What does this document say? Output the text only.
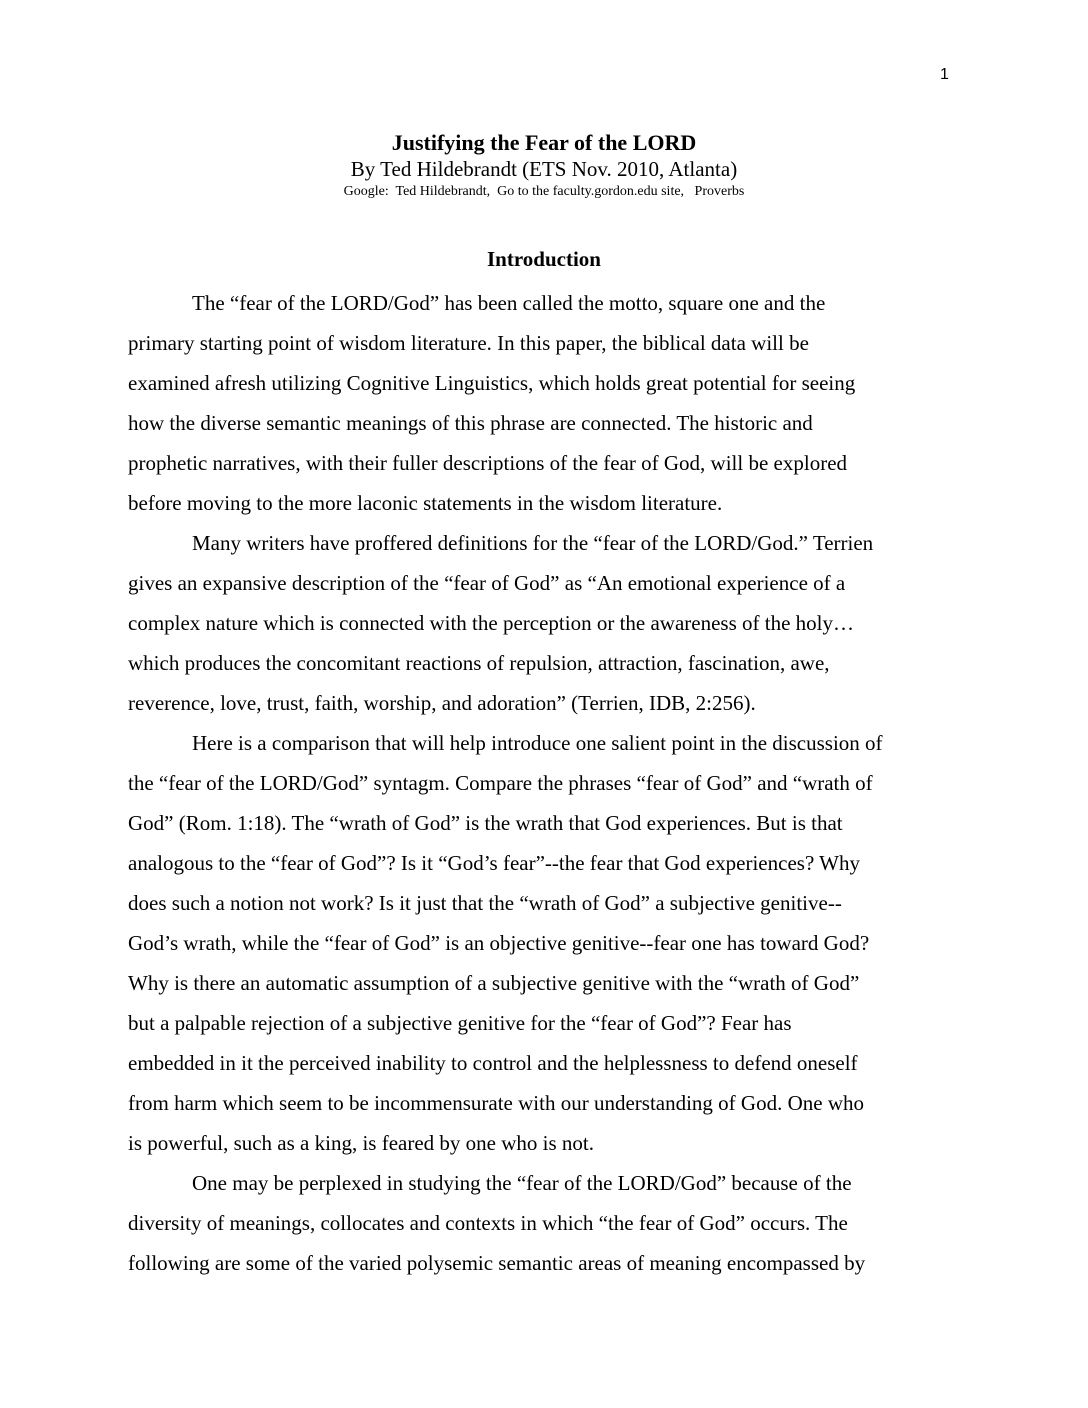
1
Justifying the Fear of the LORD
By Ted Hildebrandt (ETS Nov. 2010, Atlanta)
Google:  Ted Hildebrandt,  Go to the faculty.gordon.edu site,   Proverbs
Introduction
The “fear of the LORD/God” has been called the motto, square one and the
primary starting point of wisdom literature. In this paper, the biblical data will be
examined afresh utilizing Cognitive Linguistics, which holds great potential for seeing
how the diverse semantic meanings of this phrase are connected. The historic and
prophetic narratives, with their fuller descriptions of the fear of God, will be explored
before moving to the more laconic statements in the wisdom literature.
Many writers have proffered definitions for the “fear of the LORD/God.” Terrien
gives an expansive description of the “fear of God” as “An emotional experience of a
complex nature which is connected with the perception or the awareness of the holy…
which produces the concomitant reactions of repulsion, attraction, fascination, awe,
reverence, love, trust, faith, worship, and adoration” (Terrien, IDB, 2:256).
Here is a comparison that will help introduce one salient point in the discussion of
the “fear of the LORD/God” syntagm. Compare the phrases “fear of God” and “wrath of
God” (Rom. 1:18). The “wrath of God” is the wrath that God experiences. But is that
analogous to the “fear of God”? Is it “God’s fear”--the fear that God experiences? Why
does such a notion not work? Is it just that the “wrath of God” a subjective genitive--
God’s wrath, while the “fear of God” is an objective genitive--fear one has toward God?
Why is there an automatic assumption of a subjective genitive with the “wrath of God”
but a palpable rejection of a subjective genitive for the “fear of God”? Fear has
embedded in it the perceived inability to control and the helplessness to defend oneself
from harm which seem to be incommensurate with our understanding of God. One who
is powerful, such as a king, is feared by one who is not.
One may be perplexed in studying the “fear of the LORD/God” because of the
diversity of meanings, collocates and contexts in which “the fear of God” occurs. The
following are some of the varied polysemic semantic areas of meaning encompassed by
